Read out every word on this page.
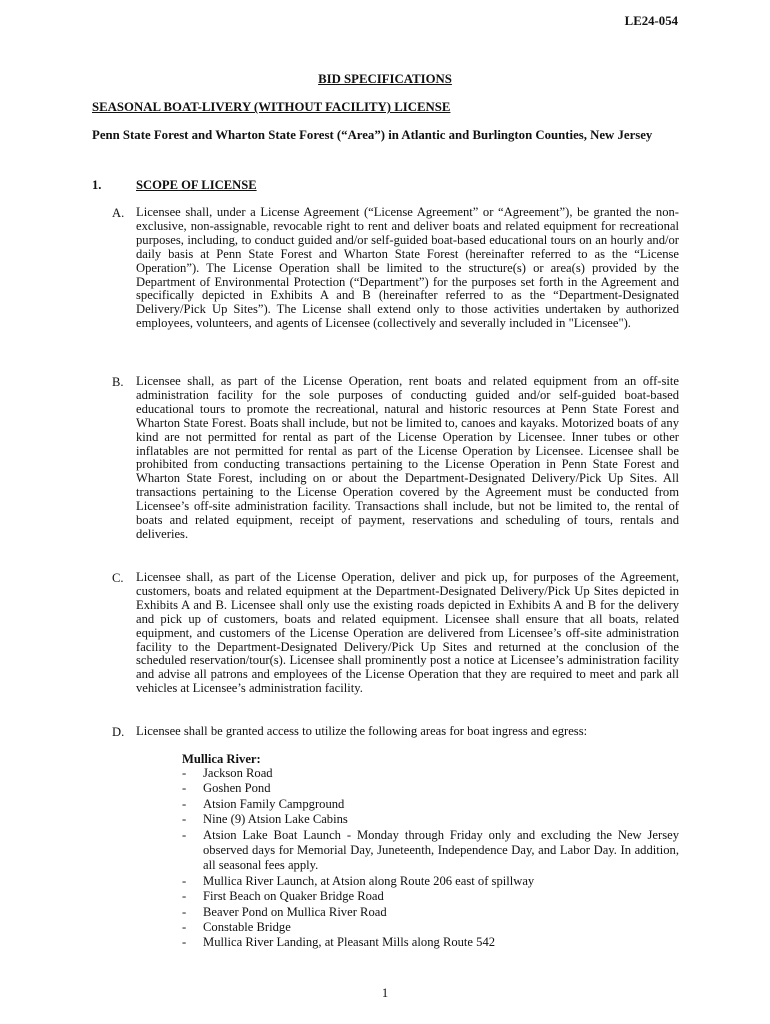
LE24-054
BID SPECIFICATIONS
SEASONAL BOAT-LIVERY (WITHOUT FACILITY) LICENSE
Penn State Forest and Wharton State Forest (“Area”) in Atlantic and Burlington Counties, New Jersey
1.	SCOPE OF LICENSE
A. Licensee shall, under a License Agreement (“License Agreement” or “Agreement”), be granted the non-exclusive, non-assignable, revocable right to rent and deliver boats and related equipment for recreational purposes, including, to conduct guided and/or self-guided boat-based educational tours on an hourly and/or daily basis at Penn State Forest and Wharton State Forest (hereinafter referred to as the “License Operation”). The License Operation shall be limited to the structure(s) or area(s) provided by the Department of Environmental Protection (“Department”) for the purposes set forth in the Agreement and specifically depicted in Exhibits A and B (hereinafter referred to as the “Department-Designated Delivery/Pick Up Sites”). The License shall extend only to those activities undertaken by authorized employees, volunteers, and agents of Licensee (collectively and severally included in "Licensee").
B. Licensee shall, as part of the License Operation, rent boats and related equipment from an off-site administration facility for the sole purposes of conducting guided and/or self-guided boat-based educational tours to promote the recreational, natural and historic resources at Penn State Forest and Wharton State Forest. Boats shall include, but not be limited to, canoes and kayaks. Motorized boats of any kind are not permitted for rental as part of the License Operation by Licensee. Inner tubes or other inflatables are not permitted for rental as part of the License Operation by Licensee. Licensee shall be prohibited from conducting transactions pertaining to the License Operation in Penn State Forest and Wharton State Forest, including on or about the Department-Designated Delivery/Pick Up Sites. All transactions pertaining to the License Operation covered by the Agreement must be conducted from Licensee’s off-site administration facility. Transactions shall include, but not be limited to, the rental of boats and related equipment, receipt of payment, reservations and scheduling of tours, rentals and deliveries.
C. Licensee shall, as part of the License Operation, deliver and pick up, for purposes of the Agreement, customers, boats and related equipment at the Department-Designated Delivery/Pick Up Sites depicted in Exhibits A and B. Licensee shall only use the existing roads depicted in Exhibits A and B for the delivery and pick up of customers, boats and related equipment. Licensee shall ensure that all boats, related equipment, and customers of the License Operation are delivered from Licensee’s off-site administration facility to the Department-Designated Delivery/Pick Up Sites and returned at the conclusion of the scheduled reservation/tour(s). Licensee shall prominently post a notice at Licensee’s administration facility and advise all patrons and employees of the License Operation that they are required to meet and park all vehicles at Licensee’s administration facility.
D. Licensee shall be granted access to utilize the following areas for boat ingress and egress:
Mullica River:
- Jackson Road
- Goshen Pond
- Atsion Family Campground
- Nine (9) Atsion Lake Cabins
- Atsion Lake Boat Launch - Monday through Friday only and excluding the New Jersey observed days for Memorial Day, Juneteenth, Independence Day, and Labor Day. In addition, all seasonal fees apply.
- Mullica River Launch, at Atsion along Route 206 east of spillway
- First Beach on Quaker Bridge Road
- Beaver Pond on Mullica River Road
- Constable Bridge
- Mullica River Landing, at Pleasant Mills along Route 542
1
